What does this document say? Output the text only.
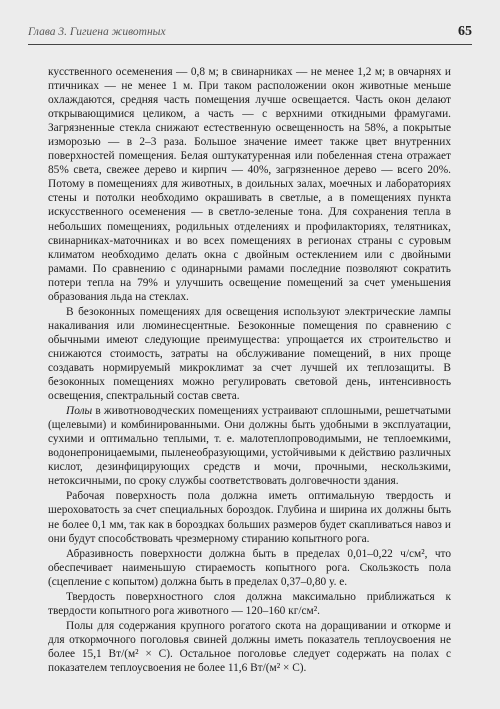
Глава 3. Гигиена животных	65

кусственного осеменения — 0,8 м; в свинарниках — не менее 1,2 м; в овчарнях и птичниках — не менее 1 м. При таком расположении окон животные меньше охлаждаются, средняя часть помещения лучше освещается. Часть окон делают открывающимися целиком, а часть — с верхними откидными фрамугами. Загрязненные стекла снижают естественную освещенность на 58%, а покрытые изморозью — в 2–3 раза. Большое значение имеет также цвет внутренних поверхностей помещения. Белая оштукатуренная или побеленная стена отражает 85% света, свежее дерево и кирпич — 40%, загрязненное дерево — всего 20%. Потому в помещениях для животных, в доильных залах, моечных и лабораториях стены и потолки необходимо окрашивать в светлые, а в помещениях пункта искусственного осеменения — в светло-зеленые тона. Для сохранения тепла в небольших помещениях, родильных отделениях и профилакториях, телятниках, свинарниках-маточниках и во всех помещениях в регионах страны с суровым климатом необходимо делать окна с двойным остеклением или с двойными рамами. По сравнению с одинарными рамами последние позволяют сократить потери тепла на 79% и улучшить освещение помещений за счет уменьшения образования льда на стеклах.

В безоконных помещениях для освещения используют электрические лампы накаливания или люминесцентные. Безоконные помещения по сравнению с обычными имеют следующие преимущества: упрощается их строительство и снижаются стоимость, затраты на обслуживание помещений, в них проще создавать нормируемый микроклимат за счет лучшей их теплозащиты. В безоконных помещениях можно регулировать световой день, интенсивность освещения, спектральный состав света.

Полы в животноводческих помещениях устраивают сплошными, решетчатыми (щелевыми) и комбинированными. Они должны быть удобными в эксплуатации, сухими и оптимально теплыми, т. е. малотеплопроводимыми, не теплоемкими, водонепроницаемыми, пыленеобразующими, устойчивыми к действию различных кислот, дезинфицирующих средств и мочи, прочными, нескользкими, нетоксичными, по сроку службы соответствовать долговечности здания.

Рабочая поверхность пола должна иметь оптимальную твердость и шероховатость за счет специальных бороздок. Глубина и ширина их должны быть не более 0,1 мм, так как в бороздках больших размеров будет скапливаться навоз и они будут способствовать чрезмерному стиранию копытного рога.

Абразивность поверхности должна быть в пределах 0,01–0,22 ч/см², что обеспечивает наименьшую стираемость копытного рога. Скользкость пола (сцепление с копытом) должна быть в пределах 0,37–0,80 у. е.

Твердость поверхностного слоя должна максимально приближаться к твердости копытного рога животного — 120–160 кг/см².

Полы для содержания крупного рогатого скота на доращивании и откорме и для откормочного поголовья свиней должны иметь показатель теплоусвоения не более 15,1 Вт/(м² × С). Остальное поголовье следует содержать на полах с показателем теплоусвоения не более 11,6 Вт/(м² × С).
